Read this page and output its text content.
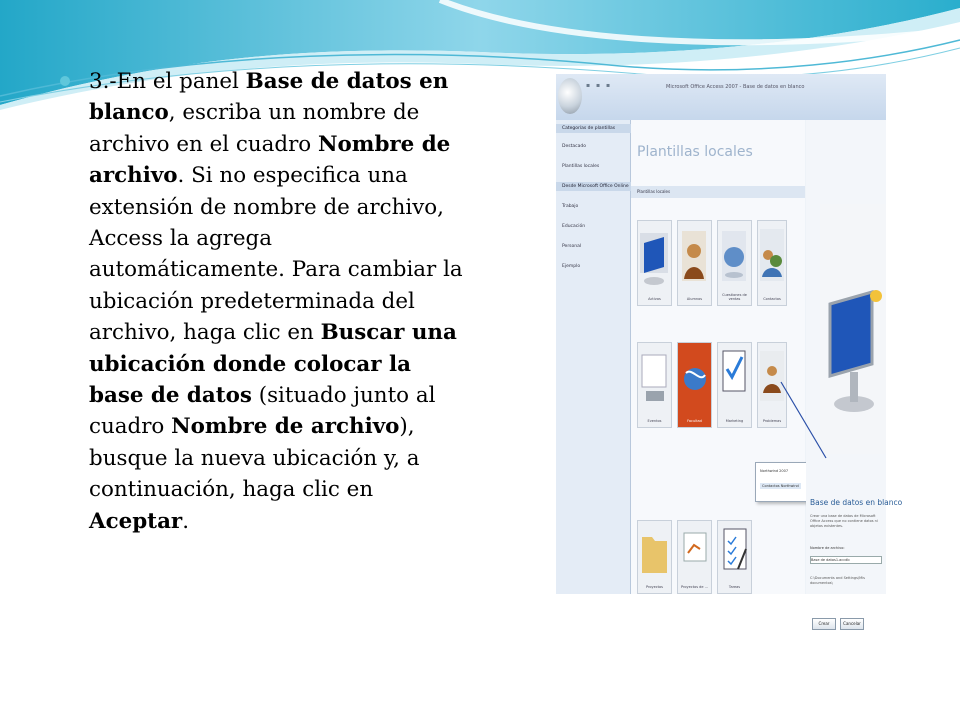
3.-En el panel Base de datos en blanco, escriba un nombre de archivo en el cuadro Nombre de archivo. Si no especifica una extensión de nombre de archivo, Access la agrega automáticamente. Para cambiar la ubicación predeterminada del archivo, haga clic en Buscar una ubicación donde colocar la base de datos (situado junto al cuadro Nombre de archivo), busque la nueva ubicación y, a continuación, haga clic en Aceptar.

▪ ▪ ▪	Microsoft Office Access 2007 - Base de datos en blanco
Categorías de plantillas
Destacado
Plantillas locales
Desde Microsoft Office Online
Trabajo
Educación
Personal
Ejemplo
Plantillas locales
Plantillas locales
Activos	Alumnos
Cuestiones de ventas	Contactos
Eventos	Facultad	Marketing	Problemas
Northwind 2007
Contactos Northwind
Proyectos	Proyectos de ...	Tareas
Base de datos en blanco
Crear una base de datos de Microsoft Office Access que no contiene datos ni objetos existentes.
Nombre de archivo:
Base de datos1.accdb
C:\Documents and Settings\Mis documentos\
Crear	Cancelar
